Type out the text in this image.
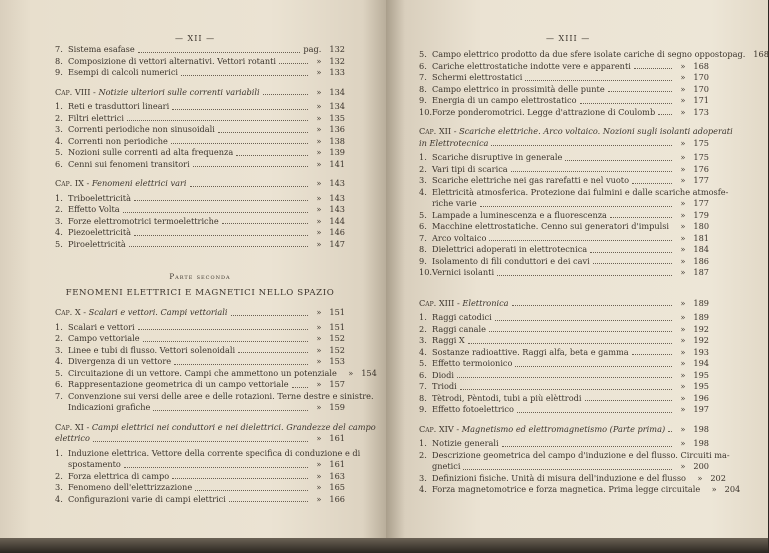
— XII —
7. Sistema esafase	pag. 132
8. Composizione di vettori alternativi. Vettori rotanti	» 132
9. Esempi di calcoli numerici	» 133
Cap. VIII - Notizie ulteriori sulle correnti variabili	» 134
1. Reti e trasduttori lineari	» 134
2. Filtri elettrici	» 135
3. Correnti periodiche non sinusoidali	» 136
4. Correnti non periodiche	» 138
5. Nozioni sulle correnti ad alta frequenza	» 139
6. Cenni sui fenomeni transitori	» 141
Cap. IX - Fenomeni elettrici vari	» 143
1. Triboelettricità	» 143
2. Effetto Volta	» 143
3. Forze elettromotrici termoelettriche	» 144
4. Piezoelettricità	» 146
5. Piroelettricità	» 147
Parte seconda
FENOMENI ELETTRICI E MAGNETICI NELLO SPAZIO
Cap. X - Scalari e vettori. Campi vettoriali	» 151
1. Scalari e vettori	» 151
2. Campo vettoriale	» 152
3. Linee e tubi di flusso. Vettori solenoidali	» 152
4. Divergenza di un vettore	» 153
5. Circuitazione di un vettore. Campi che ammettono un potenziale	» 154
6. Rappresentazione geometrica di un campo vettoriale	» 157
7. Convenzione sui versi delle aree e delle rotazioni. Terne destre e sinistre.
Indicazioni grafiche	» 159
Cap. XI - Campi elettrici nei conduttori e nei dielettrici. Grandezze del campo
elettrico	» 161
1. Induzione elettrica. Vettore della corrente specifica di conduzione e di
spostamento	» 161
2. Forza elettrica di campo	» 163
3. Fenomeno dell'elettrizzazione	» 165
4. Configurazioni varie di campi elettrici	» 166
— XIII —
5. Campo elettrico prodotto da due sfere isolate cariche di segno opposto pag. 168
6. Cariche elettrostatiche indotte vere e apparenti	» 168
7. Schermi elettrostatici	» 170
8. Campo elettrico in prossimità delle punte	» 170
9. Energia di un campo elettrostatico	» 171
10.Forze ponderomotrici. Legge d'attrazione di Coulomb	» 173
Cap. XII - Scariche elettriche. Arco voltaico. Nozioni sugli isolanti adoperati
in Elettrotecnica	» 175
1. Scariche disruptive in generale	» 175
2. Vari tipi di scarica	» 176
3. Scariche elettriche nei gas rarefatti e nel vuoto	» 177
4. Elettricità atmosferica. Protezione dai fulmini e dalle scariche atmosfe-
riche varie	» 177
5. Lampade a luminescenza e a fluorescenza	» 179
6. Macchine elettrostatiche. Cenno sui generatori d'impulsi	» 180
7. Arco voltaico	» 181
8. Dielettrici adoperati in elettrotecnica	» 184
9. Isolamento di fili conduttori e dei cavi	» 186
10.Vernici isolanti	» 187
Cap. XIII - Elettronica	» 189
1. Raggi catodici	» 189
2. Raggi canale	» 192
3. Raggi X	» 192
4. Sostanze radioattive. Raggi alfa, beta e gamma	» 193
5. Effetto termoionico	» 194
6. Diodi	» 195
7. Triodi	» 195
8. Tètrodi, Pèntodi, tubi a più elèttrodi	» 196
9. Effetto fotoelettrico	» 197
Cap. XIV - Magnetismo ed elettromagnetismo (Parte prima)	» 198
1. Notizie generali	» 198
2. Descrizione geometrica del campo d'induzione e del flusso. Circuiti ma-
gnetici	» 200
3. Definizioni fisiche. Unità di misura dell'induzione e del flusso	» 202
4. Forza magnetomotrice e forza magnetica. Prima legge circuitale	» 204
